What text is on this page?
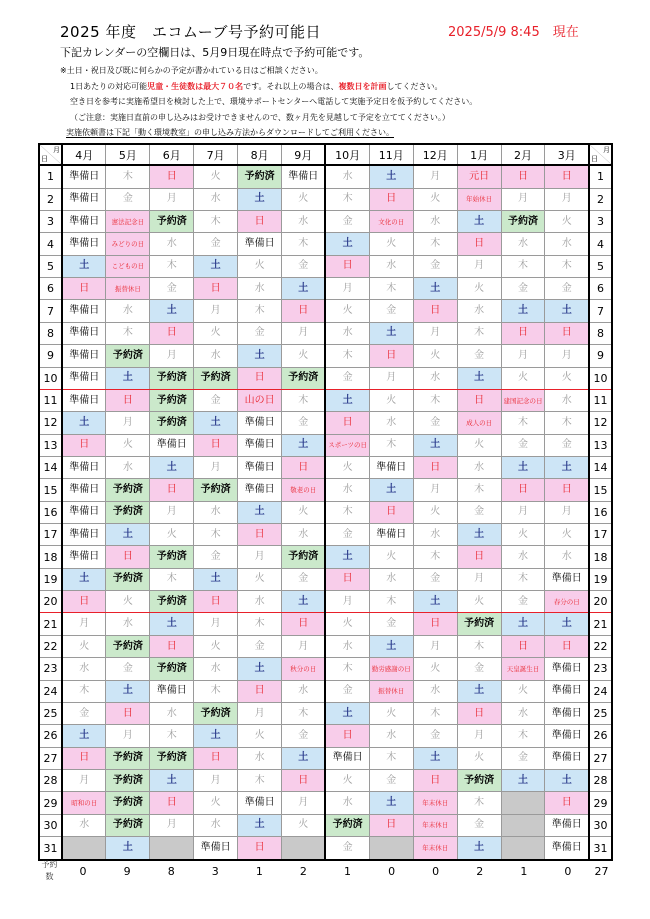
2025 年度　エコムーブ号予約可能日	2025/5/9 8:45　現在
下記カレンダーの空欄日は、5月9日現在時点で予約可能です。
※土日・祝日及び既に何らかの予定が書かれている日はご相談ください。
1日あたりの対応可能児童・生徒数は最大７０名です。それ以上の場合は、複数日を計画してください。
空き日を参考に実施希望日を検討した上で、環境サポートセンターへ電話して実施予定日を仮予約してください。
（ご注意：実施日直前の申し込みはお受けできませんので、数ヶ月先を見越して予定を立ててください。）
実施依頼書は下記「動く環境教室」の申し込み方法からダウンロードしてご利用ください。
月
日	4月	5月	6月	7月	8月	9月	10月	11月	12月	1月	2月	3月	月
日

1	準備日	木	日	火	予約済	準備日	水	土	月	元日	日	日	1
2	準備日	金	月	水	土	火	木	日	火	年始休日	月	月	2
3	準備日	憲法記念日	予約済	木	日	水	金	文化の日	水	土	予約済	火	3
4	準備日	みどりの日	水	金	準備日	木	土	火	木	日	水	水	4
5	土	こどもの日	木	土	火	金	日	水	金	月	木	木	5
6	日	振替休日	金	日	水	土	月	木	土	火	金	金	6
7	準備日	水	土	月	木	日	火	金	日	水	土	土	7
8	準備日	木	日	火	金	月	水	土	月	木	日	日	8
9	準備日	予約済	月	水	土	火	木	日	火	金	月	月	9
10	準備日	土	予約済	予約済	日	予約済	金	月	水	土	火	火	10
11	準備日	日	予約済	金	山の日	木	土	火	木	日	建国記念の日	水	11
12	土	月	予約済	土	準備日	金	日	水	金	成人の日	木	木	12
13	日	火	準備日	日	準備日	土	スポーツの日	木	土	火	金	金	13
14	準備日	水	土	月	準備日	日	火	準備日	日	水	土	土	14
15	準備日	予約済	日	予約済	準備日	敬老の日	水	土	月	木	日	日	15
16	準備日	予約済	月	水	土	火	木	日	火	金	月	月	16
17	準備日	土	火	木	日	水	金	準備日	水	土	火	火	17
18	準備日	日	予約済	金	月	予約済	土	火	木	日	水	水	18
19	土	予約済	木	土	火	金	日	水	金	月	木	準備日	19
20	日	火	予約済	日	水	土	月	木	土	火	金	春分の日	20
21	月	水	土	月	木	日	火	金	日	予約済	土	土	21
22	火	予約済	日	火	金	月	水	土	月	木	日	日	22
23	水	金	予約済	水	土	秋分の日	木	勤労感謝の日	火	金	天皇誕生日	準備日	23
24	木	土	準備日	木	日	水	金	振替休日	水	土	火	準備日	24
25	金	日	水	予約済	月	木	土	火	木	日	水	準備日	25
26	土	月	木	土	火	金	日	水	金	月	木	準備日	26
27	日	予約済	予約済	日	水	土	準備日	木	土	火	金	準備日	27
28	月	予約済	土	月	木	日	火	金	日	予約済	土	土	28
29	昭和の日	予約済	日	火	準備日	月	水	土	年末休日	木		日	29
30	水	予約済	月	水	土	火	予約済	日	年末休日	金		準備日	30
31		土		準備日	日		金		年末休日	土		準備日	31
予約数	0	9	8	3	1	2	1	0	0	2	1	0	27
